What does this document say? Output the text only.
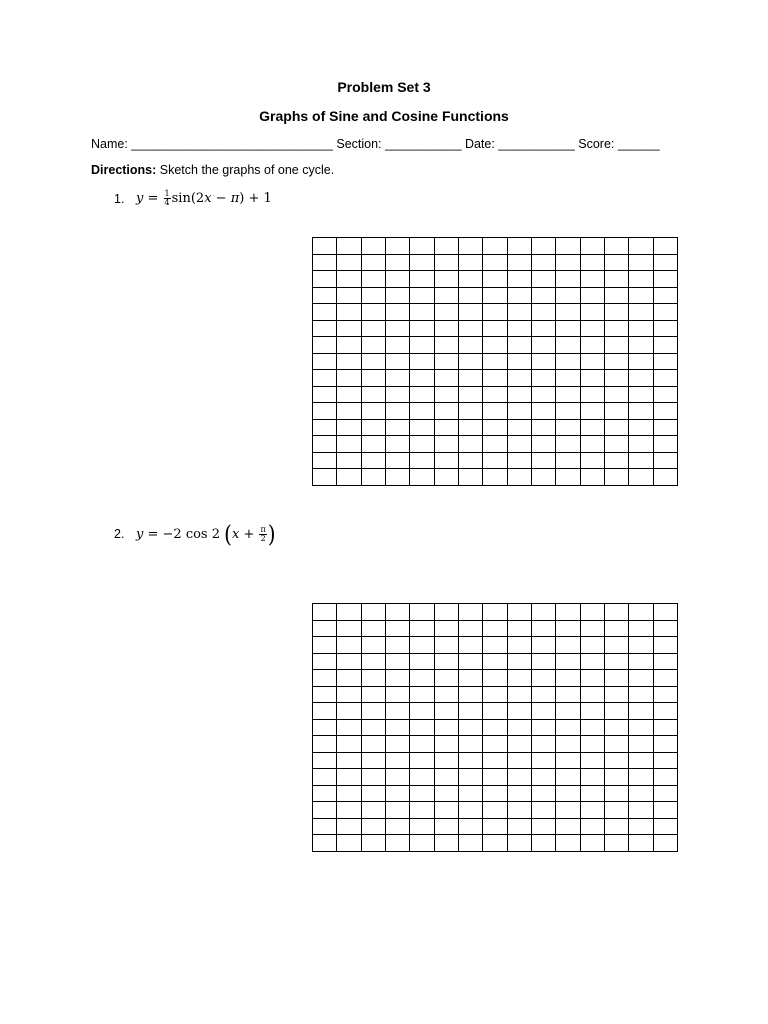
Problem Set 3
Graphs of Sine and Cosine Functions
Name: _____________________________ Section: ___________ Date: ___________ Score: ______
Directions: Sketch the graphs of one cycle.
1. $y = \frac{1}{4}$ sin ( 2 x − π ) + 1
2. y = −2 cos 2 ( $x + \frac{\pi}{2}$ )
